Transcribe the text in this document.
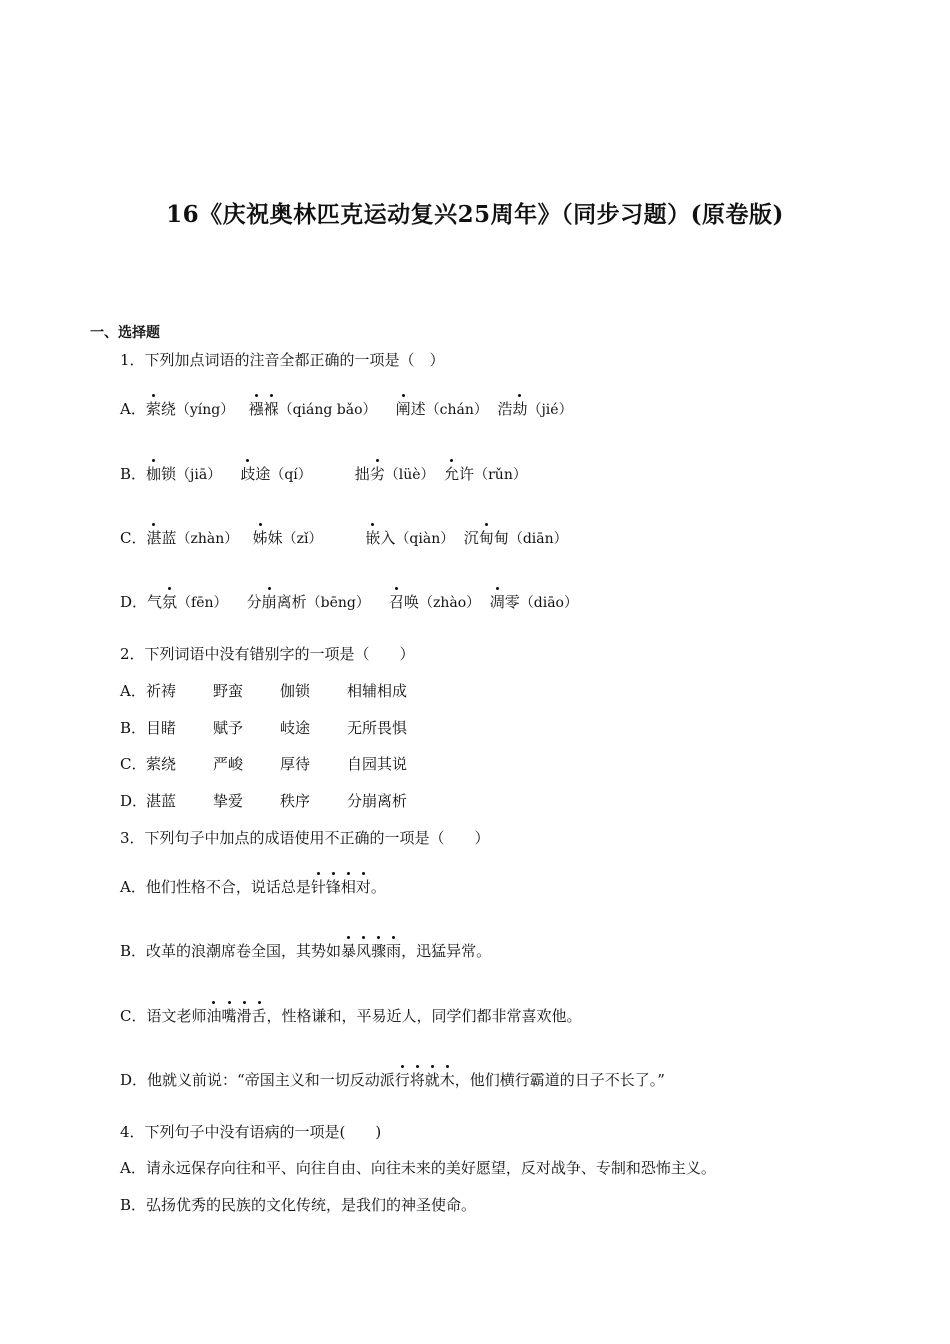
16《庆祝奥林匹克运动复兴25周年》（同步习题）(原卷版)
一、选择题
1．下列加点词语的注音全都正确的一项是（　）
A．萦绕（yíng） 襁褓（qiáng bǎo） 阐述（chán） 浩劫（jié）
B．枷锁（jiā） 歧途（qí）	拙劣（lüè） 允许（rǔn）
C．湛蓝（zhàn） 姊妹（zǐ）	嵌入（qiàn） 沉甸甸（diān）
D．气氛（fēn） 分崩离析（bēng） 召唤（zhào） 凋零（diāo）
2．下列词语中没有错别字的一项是（　　）
A． 祈祷 野蛮 伽锁 相辅相成
B． 目睹 赋予 岐途 无所畏惧
C． 萦绕 严峻 厚待 自园其说
D．
湛蓝 挚爱 秩序 分崩离析
3．下列句子中加点的成语使用不正确的一项是（　　）
A．他们性格不合，说话总是针锋相对。
B．改革的浪潮席卷全国，其势如暴风骤雨，迅猛异常。
C．语文老师油嘴滑舌，性格谦和，平易近人，同学们都非常喜欢他。
D．他就义前说：“帝国主义和一切反动派行将就木，他们横行霸道的日子不长了。”
4．下列句子中没有语病的一项是(　　)
A．请永远保存向往和平、向往自由、向往未来的美好愿望，反对战争、专制和恐怖主义。
B．弘扬优秀的民族的文化传统，是我们的神圣使命。
